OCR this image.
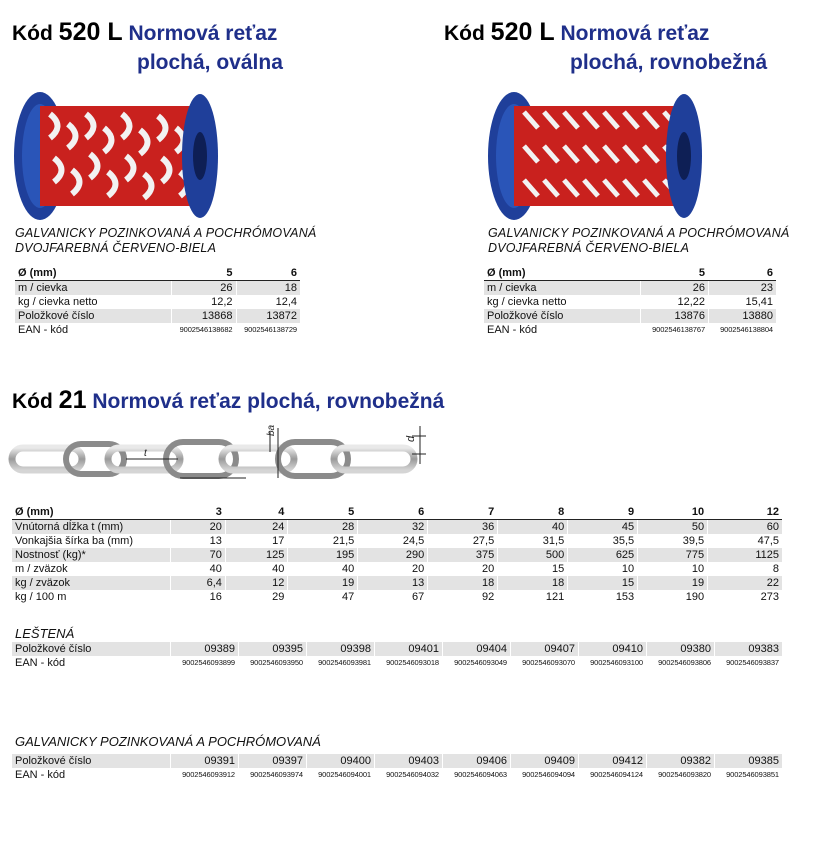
Kód 520 L Normová reťaz
plochá, oválna
GALVANICKY POZINKOVANÁ A POCHRÓMOVANÁ
DVOJFAREBNÁ ČERVENO-BIELA
Ø (mm)	5	6
m / cievka	26	18
kg / cievka netto	12,2	12,4
Položkové číslo	13868	13872
EAN - kód	9002546138682	9002546138729
Kód 520 L Normová reťaz
plochá, rovnobežná
GALVANICKY POZINKOVANÁ A POCHRÓMOVANÁ
DVOJFAREBNÁ ČERVENO-BIELA
Ø (mm)	5	6
m / cievka	26	23
kg / cievka netto	12,22	15,41
Položkové číslo	13876	13880
EAN - kód	9002546138767	9002546138804
Kód 21 Normová reťaz plochá, rovnobežná
t
ba
d
Ø (mm)	3	4	5	6	7	8	9	10	12
Vnútorná dĺžka t (mm)	20	24	28	32	36	40	45	50	60
Vonkajšia šírka ba (mm)	13	17	21,5	24,5	27,5	31,5	35,5	39,5	47,5
Nostnosť (kg)*	70	125	195	290	375	500	625	775	1125
m / zväzok	40	40	40	20	20	15	10	10	8
kg / zväzok	6,4	12	19	13	18	18	15	19	22
kg / 100 m	16	29	47	67	92	121	153	190	273
LEŠTENÁ
Položkové číslo	09389	09395	09398	09401	09404	09407	09410	09380	09383
EAN - kód	9002546093899	9002546093950	9002546093981	9002546093018	9002546093049	9002546093070	9002546093100	9002546093806	9002546093837
GALVANICKY POZINKOVANÁ A POCHRÓMOVANÁ
Položkové číslo	09391	09397	09400	09403	09406	09409	09412	09382	09385
EAN - kód	9002546093912	9002546093974	9002546094001	9002546094032	9002546094063	9002546094094	9002546094124	9002546093820	9002546093851
